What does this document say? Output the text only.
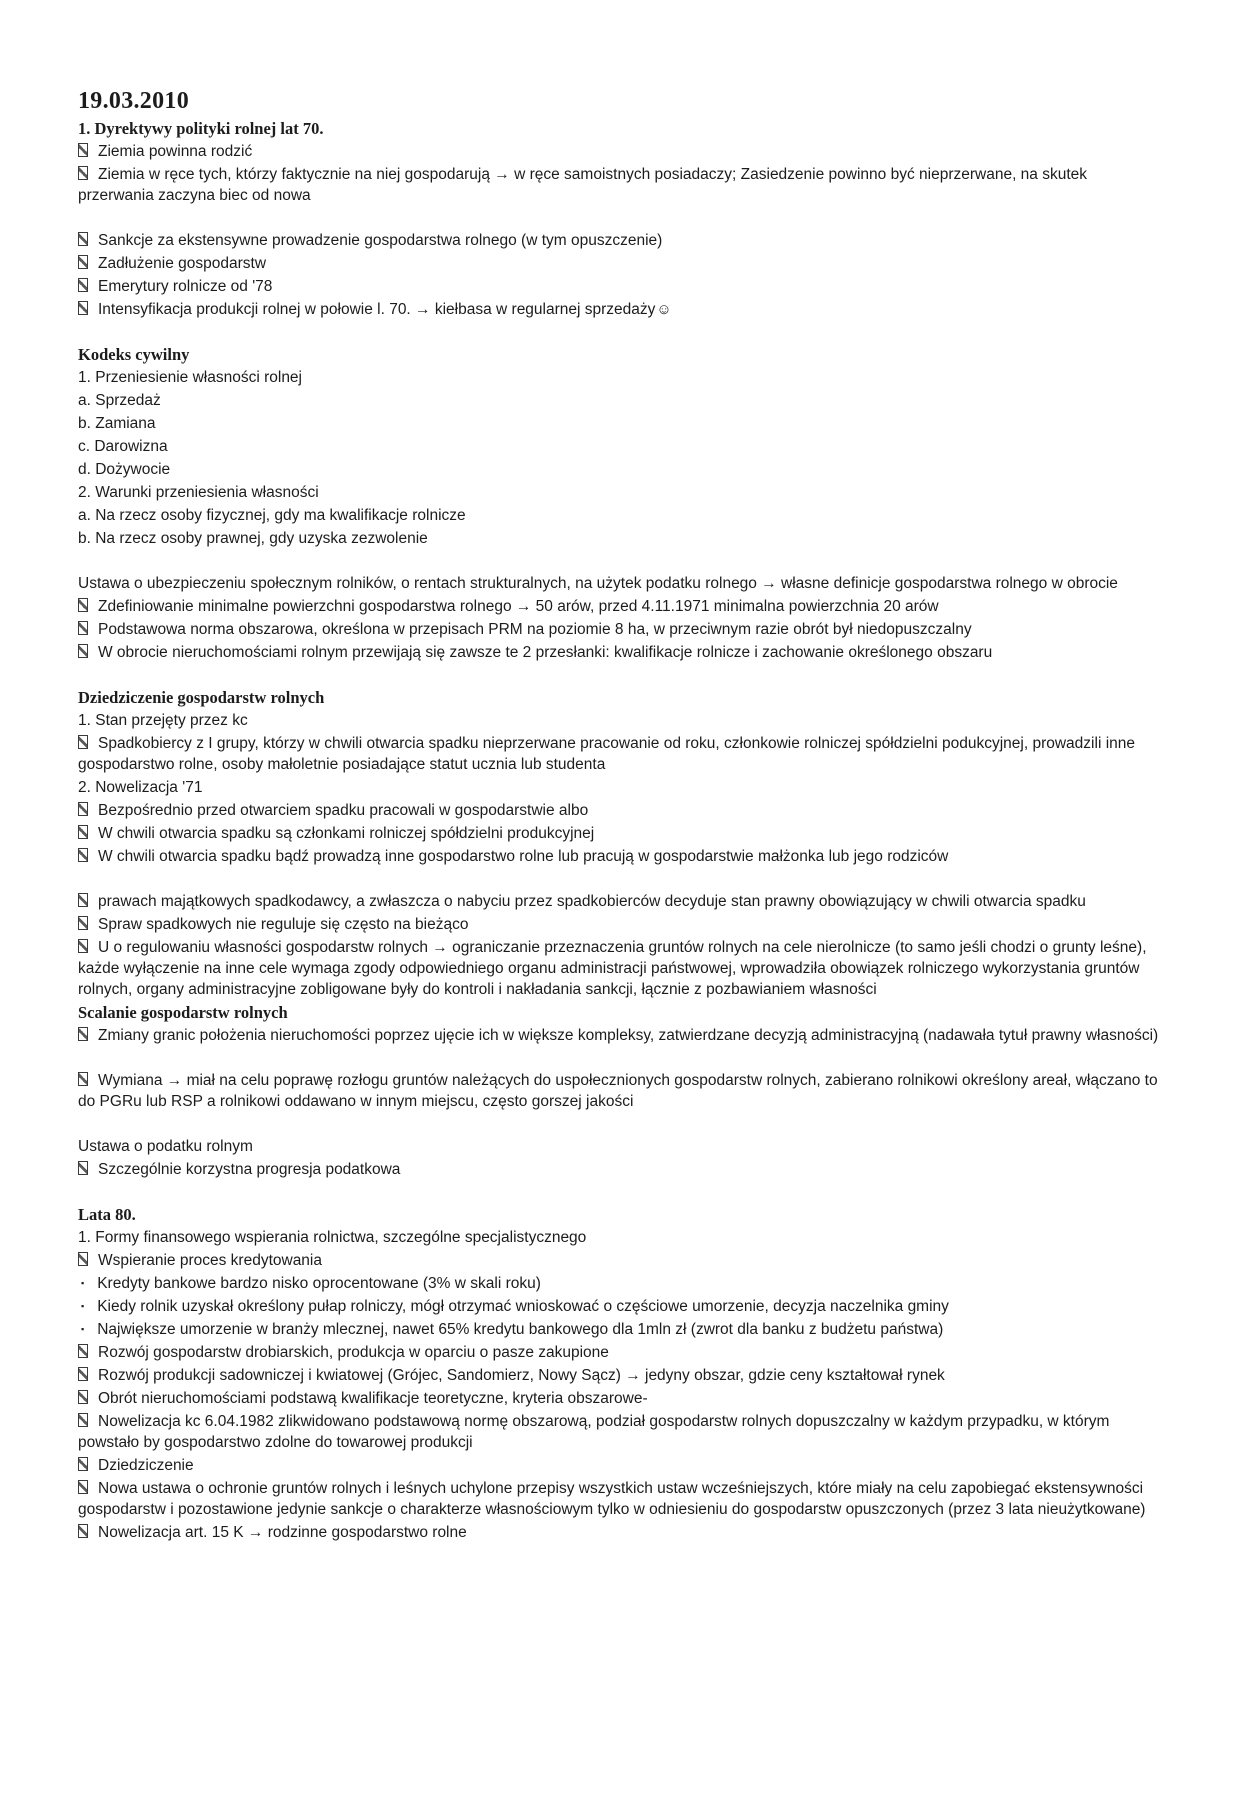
19.03.2010
1. Dyrektywy polityki rolnej lat 70.
Ziemia powinna rodzić
Ziemia w ręce tych, którzy faktycznie na niej gospodarują → w ręce samoistnych posiadaczy; Zasiedzenie powinno być nieprzerwane, na skutek przerwania zaczyna biec od nowa
Sankcje za ekstensywne prowadzenie gospodarstwa rolnego (w tym opuszczenie)
Zadłużenie gospodarstw
Emerytury rolnicze od '78
Intensyfikacja produkcji rolnej w połowie l. 70. → kiełbasa w regularnej sprzedaży☺
Kodeks cywilny
1. Przeniesienie własności rolnej
a. Sprzedaż
b. Zamiana
c. Darowizna
d. Dożywocie
2. Warunki przeniesienia własności
a. Na rzecz osoby fizycznej, gdy ma kwalifikacje rolnicze
b. Na rzecz osoby prawnej, gdy uzyska zezwolenie
Ustawa o ubezpieczeniu społecznym rolników, o rentach strukturalnych, na użytek podatku rolnego → własne definicje gospodarstwa rolnego w obrocie
Zdefiniowanie minimalne powierzchni gospodarstwa rolnego → 50 arów, przed 4.11.1971 minimalna powierzchnia 20 arów
Podstawowa norma obszarowa, określona w przepisach PRM na poziomie 8 ha, w przeciwnym razie obrót był niedopuszczalny
W obrocie nieruchomościami rolnym przewijają się zawsze te 2 przesłanki: kwalifikacje rolnicze i zachowanie określonego obszaru
Dziedziczenie gospodarstw rolnych
1. Stan przejęty przez kc
Spadkobiercy z I grupy, którzy w chwili otwarcia spadku nieprzerwane pracowanie od roku, członkowie rolniczej spółdzielni podukcyjnej, prowadzili inne gospodarstwo rolne, osoby małoletnie posiadające statut ucznia lub studenta
2. Nowelizacja '71
Bezpośrednio przed otwarciem spadku pracowali w gospodarstwie albo
W chwili otwarcia spadku są członkami rolniczej spółdzielni produkcyjnej
W chwili otwarcia spadku bądź prowadzą inne gospodarstwo rolne lub pracują w gospodarstwie małżonka lub jego rodziców
prawach majątkowych spadkodawcy, a zwłaszcza o nabyciu przez spadkobierców decyduje stan prawny obowiązujący w chwili otwarcia spadku
Spraw spadkowych nie reguluje się często na bieżąco
U o regulowaniu własności gospodarstw rolnych → ograniczanie przeznaczenia gruntów rolnych na cele nierolnicze (to samo jeśli chodzi o grunty leśne), każde wyłączenie na inne cele wymaga zgody odpowiedniego organu administracji państwowej, wprowadziła obowiązek rolniczego wykorzystania gruntów rolnych, organy administracyjne zobligowane były do kontroli i nakładania sankcji, łącznie z pozbawianiem własności
Scalanie gospodarstw rolnych
Zmiany granic położenia nieruchomości poprzez ujęcie ich w większe kompleksy, zatwierdzane decyzją administracyjną (nadawała tytuł prawny własności)
Wymiana → miał na celu poprawę rozłogu gruntów należących do uspołecznionych gospodarstw rolnych, zabierano rolnikowi określony areał, włączano to do PGRu lub RSP a rolnikowi oddawano w innym miejscu, często gorszej jakości
Ustawa o podatku rolnym
Szczególnie korzystna progresja podatkowa
Lata 80.
1. Formy finansowego wspierania rolnictwa, szczególne specjalistycznego
Wspieranie proces kredytowania
▪ Kredyty bankowe bardzo nisko oprocentowane (3% w skali roku)
▪ Kiedy rolnik uzyskał określony pułap rolniczy, mógł otrzymać wnioskować o częściowe umorzenie, decyzja naczelnika gminy
▪ Największe umorzenie w branży mlecznej, nawet 65% kredytu bankowego dla 1mln zł (zwrot dla banku z budżetu państwa)
Rozwój gospodarstw drobiarskich, produkcja w oparciu o pasze zakupione
Rozwój produkcji sadowniczej i kwiatowej (Grójec, Sandomierz, Nowy Sącz) → jedyny obszar, gdzie ceny kształtował rynek
Obrót nieruchomościami podstawą kwalifikacje teoretyczne, kryteria obszarowe-
Nowelizacja kc 6.04.1982 zlikwidowano podstawową normę obszarową, podział gospodarstw rolnych dopuszczalny w każdym przypadku, w którym powstało by gospodarstwo zdolne do towarowej produkcji
Dziedziczenie
Nowa ustawa o ochronie gruntów rolnych i leśnych uchylone przepisy wszystkich ustaw wcześniejszych, które miały na celu zapobiegać ekstensywności gospodarstw i pozostawione jedynie sankcje o charakterze własnościowym tylko w odniesieniu do gospodarstw opuszczonych (przez 3 lata nieużytkowane)
Nowelizacja art. 15 K → rodzinne gospodarstwo rolne
